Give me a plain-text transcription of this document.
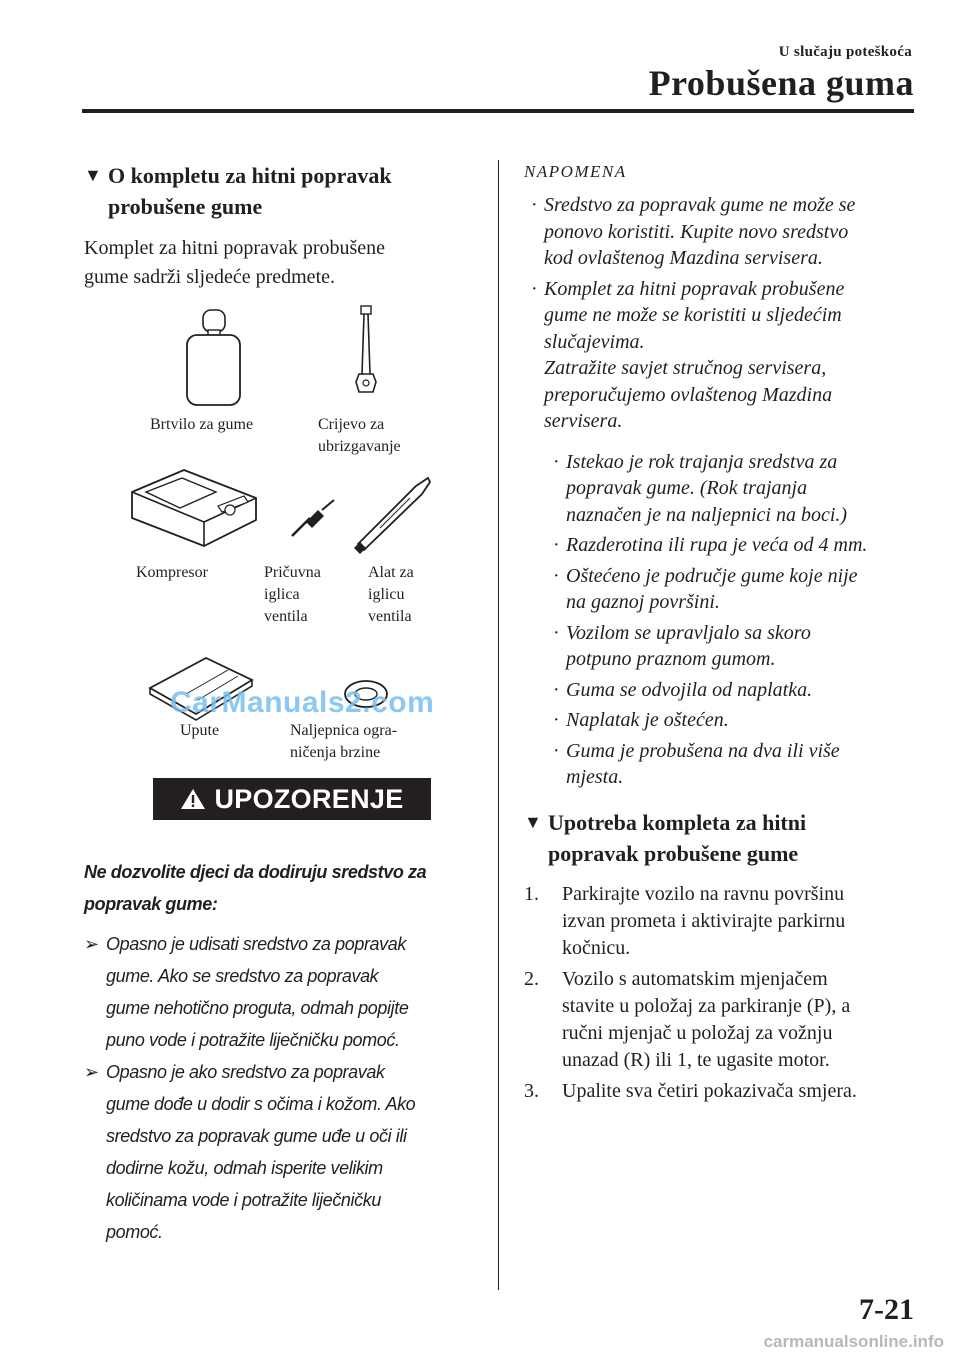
U slučaju poteškoća
Probušena guma
▼ O kompletu za hitni popravak
probušene gume
Komplet za hitni popravak probušene
gume sadrži sljedeće predmete.
Brtvilo za gume	Crijevo za
ubrizgavanje
Kompresor	Pričuvna
iglica
ventila
Alat za
iglicu
ventila
Upute	Naljepnica ogra-
ničenja brzine
UPOZORENJE
Ne dozvolite djeci da dodiruju sredstvo za
popravak gume:
➢ Opasno je udisati sredstvo za popravak
gume. Ako se sredstvo za popravak
gume nehotično proguta, odmah popijte
puno vode i potražite liječničku pomoć.
➢ Opasno je ako sredstvo za popravak
gume dođe u dodir s očima i kožom. Ako
sredstvo za popravak gume uđe u oči ili
dodirne kožu, odmah isperite velikim
količinama vode i potražite liječničku
pomoć.
NAPOMENA
· Sredstvo za popravak gume ne može se
ponovo koristiti. Kupite novo sredstvo
kod ovlaštenog Mazdina servisera.
· Komplet za hitni popravak probušene
gume ne može se koristiti u sljedećim
slučajevima.
Zatražite savjet stručnog servisera,
preporučujemo ovlaštenog Mazdina
servisera.
· Istekao je rok trajanja sredstva za
popravak gume. (Rok trajanja
naznačen je na naljepnici na boci.)
· Razderotina ili rupa je veća od 4 mm.
· Oštećeno je područje gume koje nije
na gaznoj površini.
· Vozilom se upravljalo sa skoro
potpuno praznom gumom.
· Guma se odvojila od naplatka.
· Naplatak je oštećen.
· Guma je probušena na dva ili više
mjesta.
▼ Upotreba kompleta za hitni
popravak probušene gume
1.	Parkirajte vozilo na ravnu površinu
izvan prometa i aktivirajte parkirnu
kočnicu.
2.	Vozilo s automatskim mjenjačem
stavite u položaj za parkiranje (P), a
ručni mjenjač u položaj za vožnju
unazad (R) ili 1, te ugasite motor.
3.	Upalite sva četiri pokazivača smjera.
CarManuals2.com
7-21
carmanualsonline.info
